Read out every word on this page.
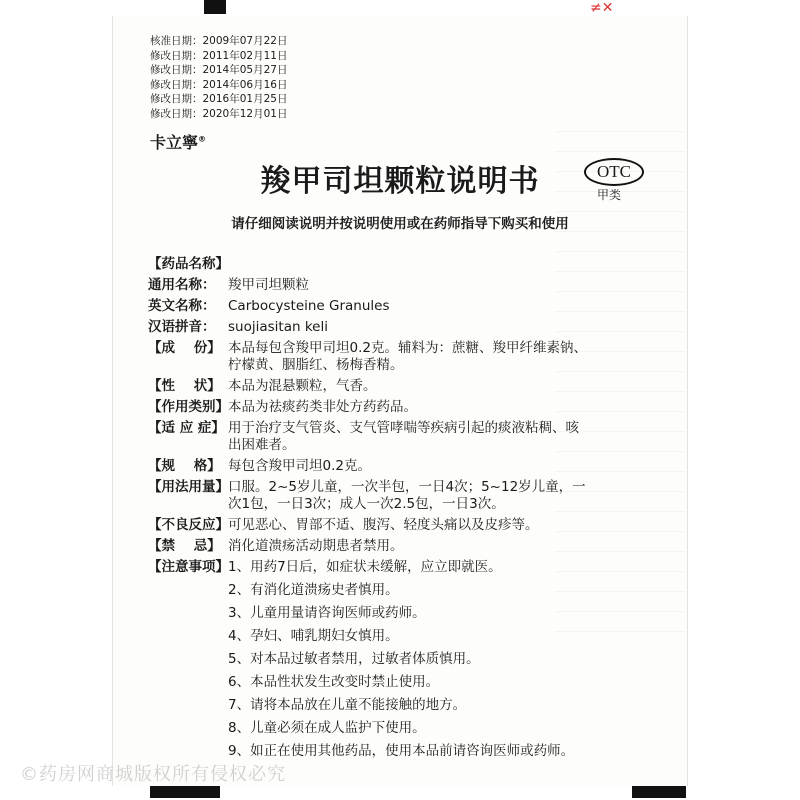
≠✕
核准日期：2009年07月22日
修改日期：2011年02月11日
修改日期：2014年05月27日
修改日期：2014年06月16日
修改日期：2016年01月25日
修改日期：2020年12月01日
卡立寧®
羧甲司坦颗粒说明书	OTC
甲类
请仔细阅读说明并按说明使用或在药师指导下购买和使用
【药品名称】
通用名称： 羧甲司坦颗粒
英文名称： Carbocysteine Granules
汉语拼音： suojiasitan keli
【成    份】 本品每包含羧甲司坦0.2克。辅料为：蔗糖、羧甲纤维素钠、柠檬黄、胭脂红、杨梅香精。
【性    状】 本品为混悬颗粒，气香。
【作用类别】 本品为祛痰药类非处方药药品。
【适 应 症】 用于治疗支气管炎、支气管哮喘等疾病引起的痰液粘稠、咳出困难者。
【规    格】 每包含羧甲司坦0.2克。
【用法用量】 口服。2~5岁儿童，一次半包，一日4次；5~12岁儿童，一次1包，一日3次；成人一次2.5包，一日3次。
【不良反应】 可见恶心、胃部不适、腹泻、轻度头痛以及皮疹等。
【禁    忌】 消化道溃疡活动期患者禁用。
【注意事项】 1、用药7日后，如症状未缓解，应立即就医。
2、有消化道溃疡史者慎用。
3、儿童用量请咨询医师或药师。
4、孕妇、哺乳期妇女慎用。
5、对本品过敏者禁用，过敏者体质慎用。
6、本品性状发生改变时禁止使用。
7、请将本品放在儿童不能接触的地方。
8、儿童必须在成人监护下使用。
9、如正在使用其他药品，使用本品前请咨询医师或药师。
©药房网商城版权所有侵权必究
